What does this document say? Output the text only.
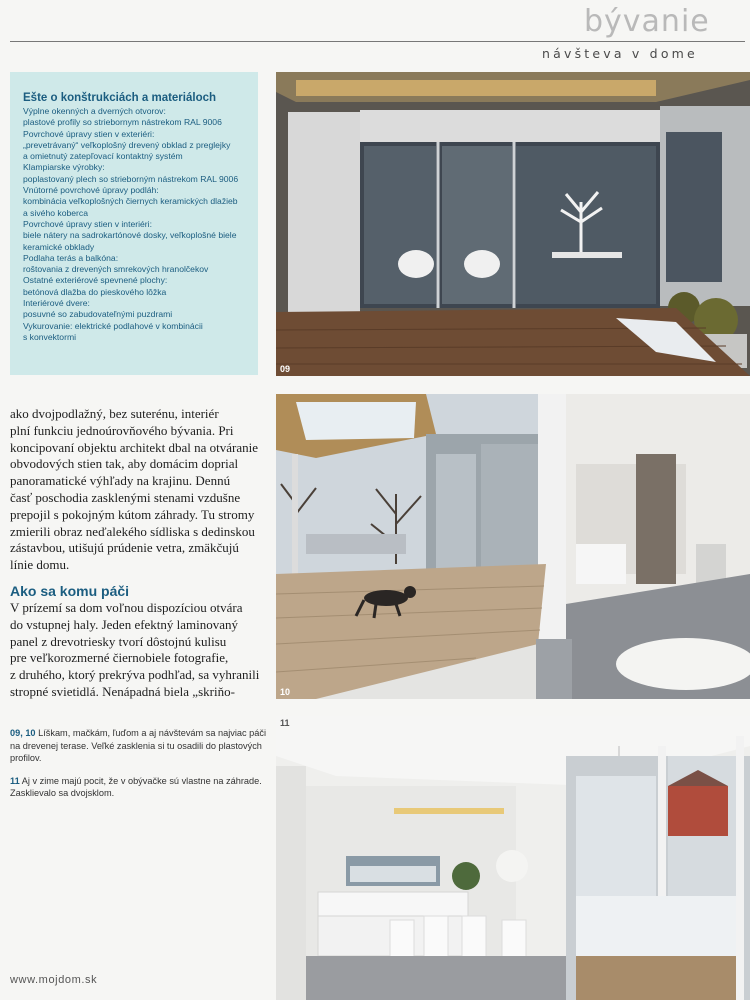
bývanie
návšteva v dome
Ešte o konštrukciách a materiáloch
Výplne okenných a dverných otvorov:
plastové profily so striebornym nástrekom RAL 9006
Povrchové úpravy stien v exteriéri:
„prevetrávaný“ veľkoplošný drevený obklad z preglejky
a omietnutý zatepľovací kontaktný systém
Klampiarske výrobky:
poplastovaný plech so strieborným nástrekom RAL 9006
Vnútorné povrchové úpravy podláh:
kombinácia veľkoplošných čiernych keramických dlažieb
a sivého koberca
Povrchové úpravy stien v interiéri:
biele nátery na sadrokartónové dosky, veľkoplošné biele
keramické obklady
Podlaha terás a balkóna:
roštovania z drevených smrekových hranolčekov
Ostatné exteriérové spevnené plochy:
betónová dlažba do pieskového lôžka
Interiérové dvere:
posuvné so zabudovateľnými puzdrami
Vykurovanie: elektrické podlahové v kombinácii
s konvektormi
ako dvojpodlažný, bez suterénu, interiér
plní funkciu jednoúrovňového bývania. Pri
koncipovaní objektu architekt dbal na otváranie
obvodových stien tak, aby domácim doprial
panoramatické výhľady na krajinu. Dennú
časť poschodia zasklenými stenami vzdušne
prepojil s pokojným kútom záhrady. Tu stromy
zmierili obraz neďalekého sídliska s dedinskou
zástavbou, utišujú prúdenie vetra, zmäkčujú
línie domu.
Ako sa komu páči
V prízemí sa dom voľnou dispozíciou otvára
do vstupnej haly. Jeden efektný laminovaný
panel z drevotriesky tvorí dôstojnú kulisu
pre veľkorozmerné čiernobiele fotografie,
z druhého, ktorý prekrýva podhľad, sa vyhranili
stropné svietidlá. Nenápadná biela „skriňo-
09, 10 Líškam, mačkám, ľuďom a aj návštevám sa najviac páči
na drevenej terase. Veľké zasklenia si tu osadili do plastových
profilov.
11 Aj v zime majú pocit, že v obývačke sú vlastne na záhrade.
Zasklievalo sa dvojsklom.
www.mojdom.sk
09
10
11
